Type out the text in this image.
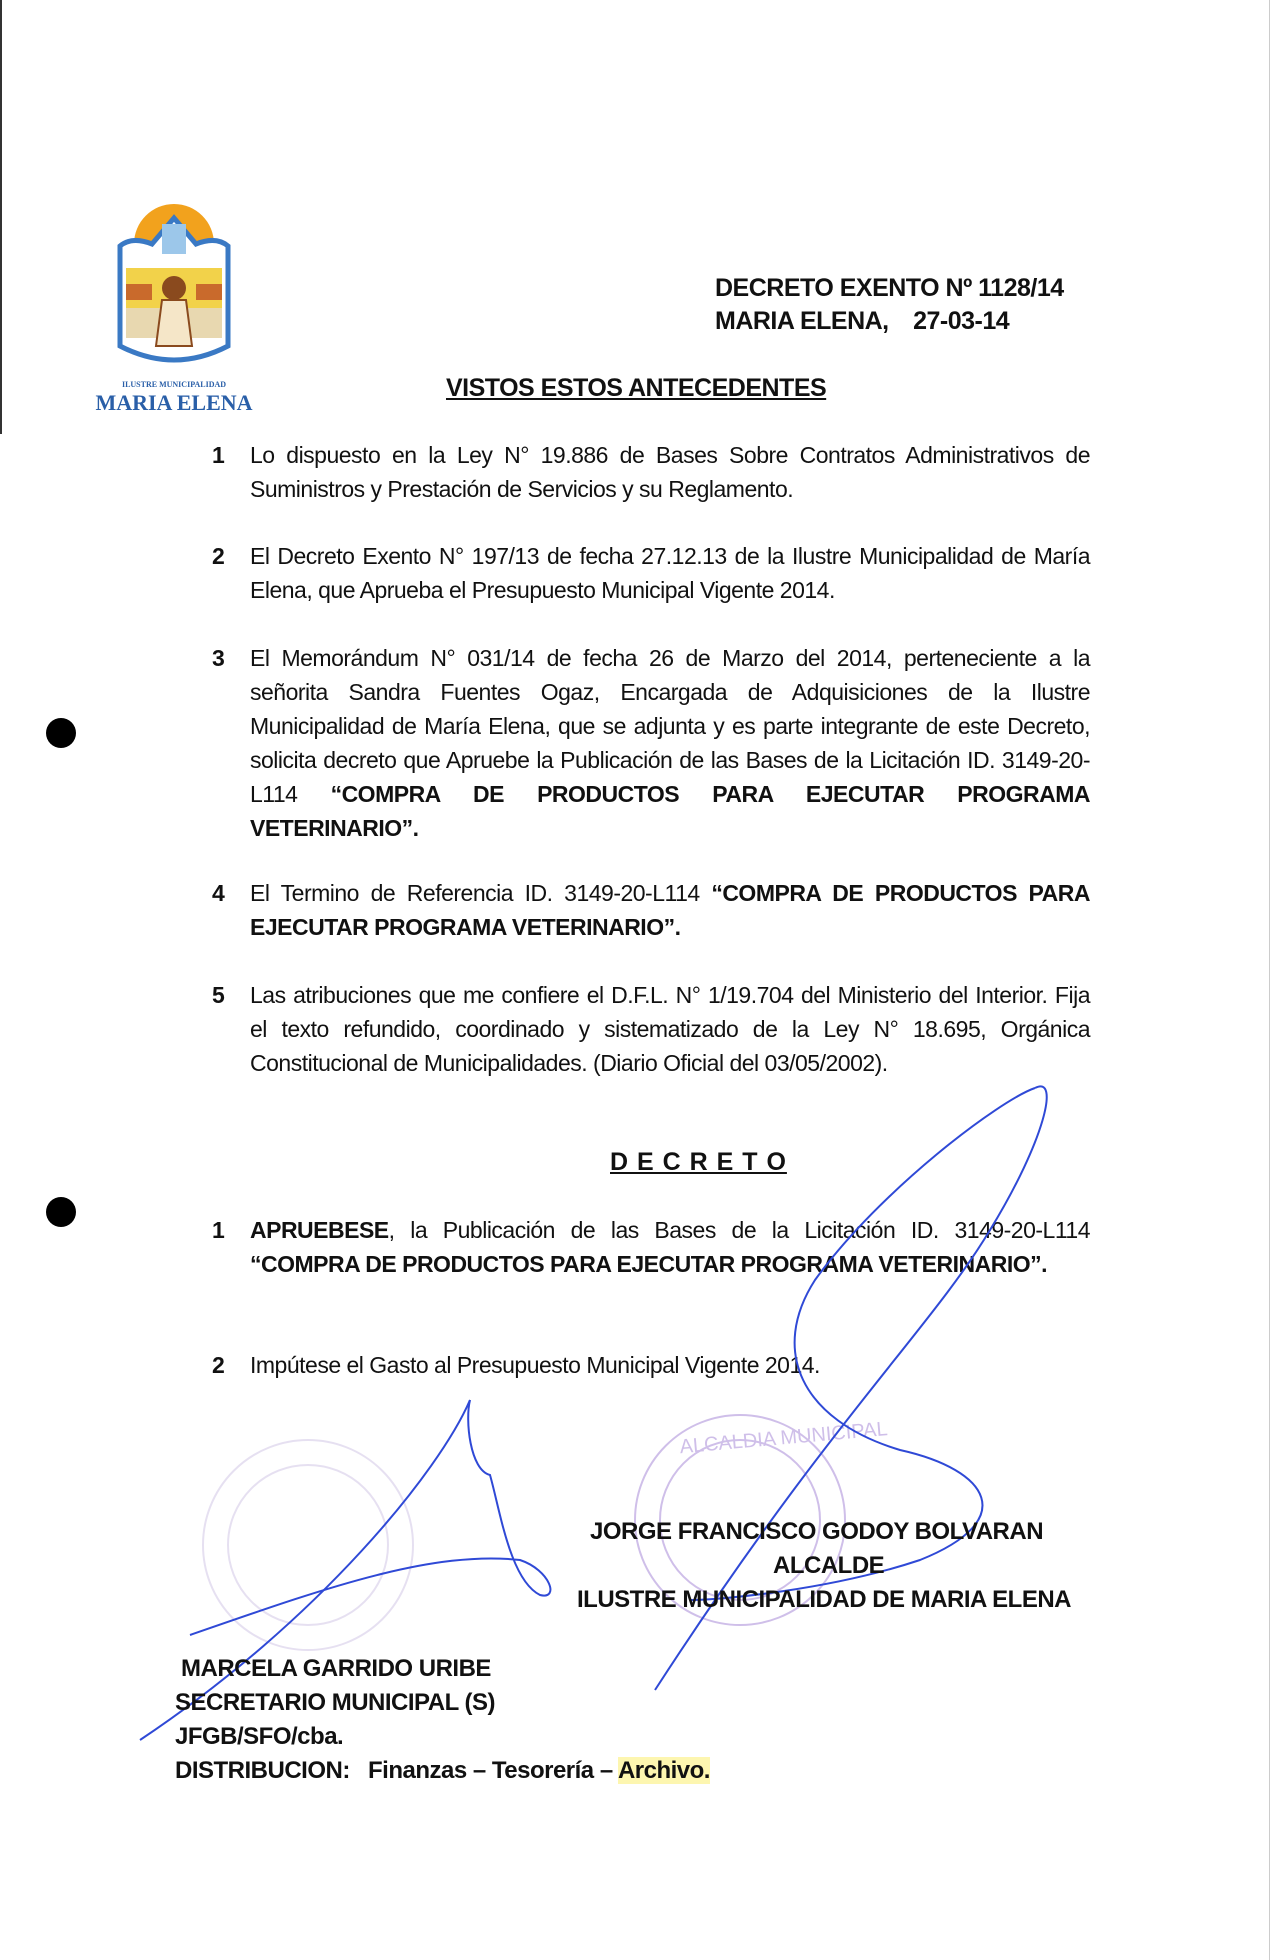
ILUSTRE MUNICIPALIDAD
MARIA ELENA
DECRETO EXENTO Nº 1128/14
MARIA ELENA, 27-03-14
VISTOS ESTOS ANTECEDENTES
1 Lo dispuesto en la Ley N° 19.886 de Bases Sobre Contratos Administrativos de Suministros y Prestación de Servicios y su Reglamento.
2 El Decreto Exento N° 197/13 de fecha 27.12.13 de la Ilustre Municipalidad de María Elena, que Aprueba el Presupuesto Municipal Vigente 2014.
3 El Memorándum N° 031/14 de fecha 26 de Marzo del 2014, perteneciente a la señorita Sandra Fuentes Ogaz, Encargada de Adquisiciones de la Ilustre Municipalidad de María Elena, que se adjunta y es parte integrante de este Decreto, solicita decreto que Apruebe la Publicación de las Bases de la Licitación ID. 3149-20-L114 “COMPRA DE PRODUCTOS PARA EJECUTAR PROGRAMA VETERINARIO”.
4 El Termino de Referencia ID. 3149-20-L114 “COMPRA DE PRODUCTOS PARA EJECUTAR PROGRAMA VETERINARIO”.
5 Las atribuciones que me confiere el D.F.L. N° 1/19.704 del Ministerio del Interior. Fija el texto refundido, coordinado y sistematizado de la Ley N° 18.695, Orgánica Constitucional de Municipalidades. (Diario Oficial del 03/05/2002).
D E C R E T O
1 APRUEBESE, la Publicación de las Bases de la Licitación ID. 3149-20-L114 “COMPRA DE PRODUCTOS PARA EJECUTAR PROGRAMA VETERINARIO”.
2 Impútese el Gasto al Presupuesto Municipal Vigente 2014.
ALCALDIA MUNICIPAL
JORGE FRANCISCO GODOY BOLVARAN
ALCALDE
ILUSTRE MUNICIPALIDAD DE MARIA ELENA
MARCELA GARRIDO URIBE
SECRETARIO MUNICIPAL (S)
JFGB/SFO/cba.
DISTRIBUCION: Finanzas – Tesorería – Archivo.
